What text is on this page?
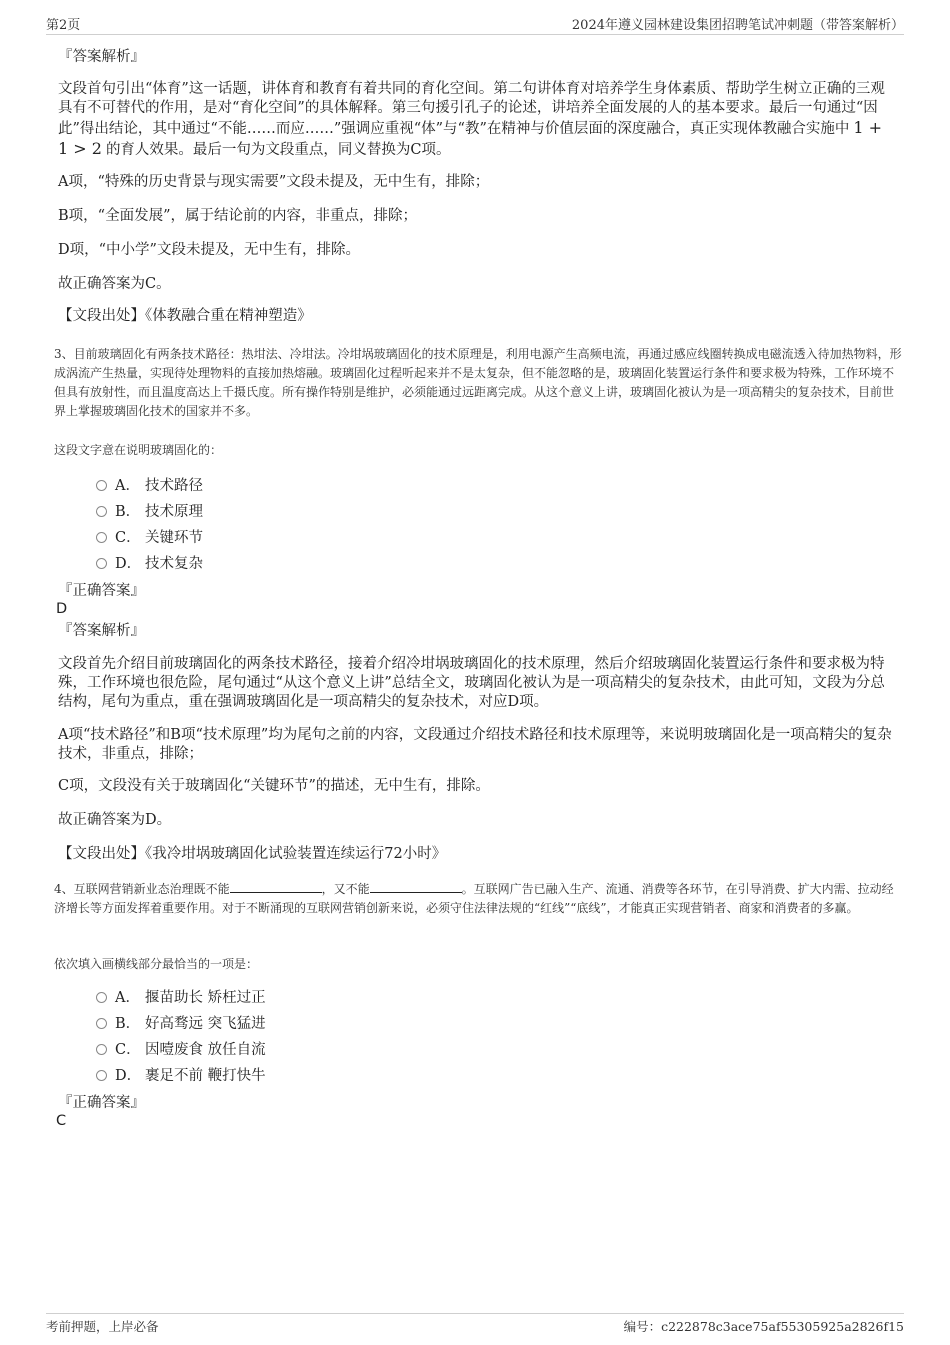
第2页	2024年遵义园林建设集团招聘笔试冲刺题（带答案解析）
『答案解析』
文段首句引出“体育”这一话题，讲体育和教育有着共同的育化空间。第二句讲体育对培养学生身体素质、帮助学生树立正确的三观具有不可替代的作用，是对“育化空间”的具体解释。第三句援引孔子的论述，讲培养全面发展的人的基本要求。最后一句通过“因此”得出结论，其中通过“不能……而应……”强调应重视“体”与“教”在精神与价值层面的深度融合，真正实现体教融合实施中 1 + 1 > 2 的育人效果。最后一句为文段重点，同义替换为C项。
A项，“特殊的历史背景与现实需要”文段未提及，无中生有，排除；
B项，“全面发展”，属于结论前的内容，非重点，排除；
D项，“中小学”文段未提及，无中生有，排除。
故正确答案为C。
【文段出处】《体教融合重在精神塑造》
3、目前玻璃固化有两条技术路径：热坩法、冷坩法。冷坩埚玻璃固化的技术原理是，利用电源产生高频电流，再通过感应线圈转换成电磁流透入待加热物料，形成涡流产生热量，实现待处理物料的直接加热熔融。玻璃固化过程听起来并不是太复杂，但不能忽略的是，玻璃固化装置运行条件和要求极为特殊，工作环境不但具有放射性，而且温度高达上千摄氏度。所有操作特别是维护，必须能通过远距离完成。从这个意义上讲，玻璃固化被认为是一项高精尖的复杂技术，目前世界上掌握玻璃固化技术的国家并不多。
这段文字意在说明玻璃固化的：
A． 技术路径
B． 技术原理
C． 关键环节
D． 技术复杂
『正确答案』
D
『答案解析』
文段首先介绍目前玻璃固化的两条技术路径，接着介绍冷坩埚玻璃固化的技术原理，然后介绍玻璃固化装置运行条件和要求极为特殊，工作环境也很危险，尾句通过“从这个意义上讲”总结全文，玻璃固化被认为是一项高精尖的复杂技术，由此可知，文段为分总结构，尾句为重点，重在强调玻璃固化是一项高精尖的复杂技术，对应D项。
A项“技术路径”和B项“技术原理”均为尾句之前的内容，文段通过介绍技术路径和技术原理等，来说明玻璃固化是一项高精尖的复杂技术，非重点，排除；
C项，文段没有关于玻璃固化“关键环节”的描述，无中生有，排除。
故正确答案为D。
【文段出处】《我冷坩埚玻璃固化试验装置连续运行72小时》
4、互联网营销新业态治理既不能	，又不能	。互联网广告已融入生产、流通、消费等各环节，在引导消费、扩大内需、拉动经济增长等方面发挥着重要作用。对于不断涌现的互联网营销创新来说，必须守住法律法规的“红线”“底线”，才能真正实现营销者、商家和消费者的多赢。
依次填入画横线部分最恰当的一项是：
A． 揠苗助长 矫枉过正
B． 好高骛远 突飞猛进
C． 因噎废食 放任自流
D． 裹足不前 鞭打快牛
『正确答案』
C
考前押题，上岸必备	编号：c222878c3ace75af55305925a2826f15
